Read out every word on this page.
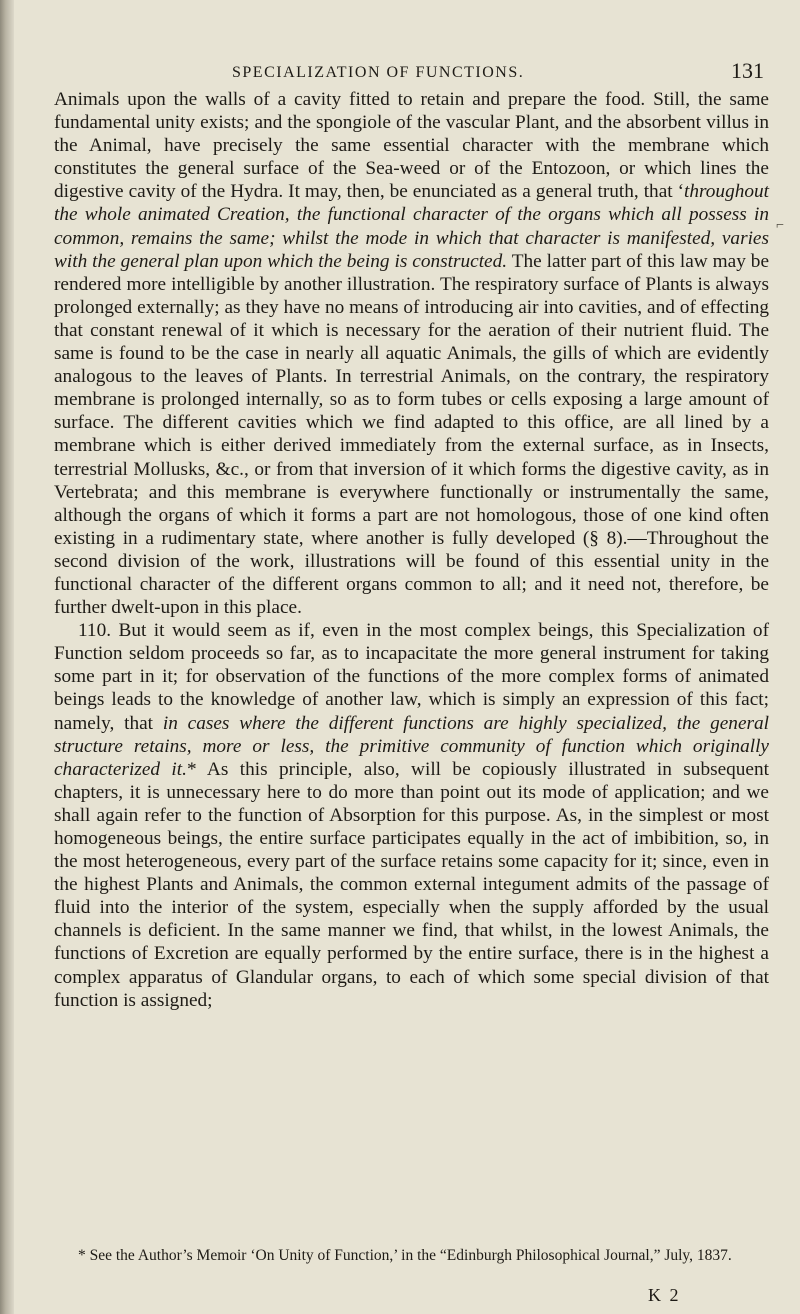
SPECIALIZATION OF FUNCTIONS.	131
⌐

Animals upon the walls of a cavity fitted to retain and prepare the food. Still, the same fundamental unity exists; and the spongiole of the vascular Plant, and the absorbent villus in the Animal, have precisely the same essential character with the membrane which constitutes the general surface of the Sea-weed or of the Entozoon, or which lines the digestive cavity of the Hydra. It may, then, be enunciated as a general truth, that ‘throughout the whole animated Creation, the functional character of the organs which all possess in common, remains the same; whilst the mode in which that character is manifested, varies with the general plan upon which the being is constructed. The latter part of this law may be rendered more intelligible by another illustration. The respiratory surface of Plants is always prolonged externally; as they have no means of introducing air into cavities, and of effecting that constant renewal of it which is necessary for the aeration of their nutrient fluid. The same is found to be the case in nearly all aquatic Animals, the gills of which are evidently analogous to the leaves of Plants. In terrestrial Animals, on the contrary, the respiratory membrane is prolonged internally, so as to form tubes or cells exposing a large amount of surface. The different cavities which we find adapted to this office, are all lined by a membrane which is either derived immediately from the external surface, as in Insects, terrestrial Mollusks, &c., or from that inversion of it which forms the digestive cavity, as in Vertebrata; and this membrane is everywhere functionally or instrumentally the same, although the organs of which it forms a part are not homologous, those of one kind often existing in a rudimentary state, where another is fully developed (§ 8).—Throughout the second division of the work, illustrations will be found of this essential unity in the functional character of the different organs common to all; and it need not, therefore, be further dwelt-upon in this place.

110. But it would seem as if, even in the most complex beings, this Specialization of Function seldom proceeds so far, as to incapacitate the more general instrument for taking some part in it; for observation of the functions of the more complex forms of animated beings leads to the knowledge of another law, which is simply an expression of this fact; namely, that in cases where the different functions are highly specialized, the general structure retains, more or less, the primitive community of function which originally characterized it.* As this principle, also, will be copiously illustrated in subsequent chapters, it is unnecessary here to do more than point out its mode of application; and we shall again refer to the function of Absorption for this purpose. As, in the simplest or most homogeneous beings, the entire surface participates equally in the act of imbibition, so, in the most heterogeneous, every part of the surface retains some capacity for it; since, even in the highest Plants and Animals, the common external integument admits of the passage of fluid into the interior of the system, especially when the supply afforded by the usual channels is deficient. In the same manner we find, that whilst, in the lowest Animals, the functions of Excretion are equally performed by the entire surface, there is in the highest a complex apparatus of Glandular organs, to each of which some special division of that function is assigned;

* See the Author’s Memoir ‘On Unity of Function,’ in the “Edinburgh Philosophical Journal,” July, 1837.

K 2
